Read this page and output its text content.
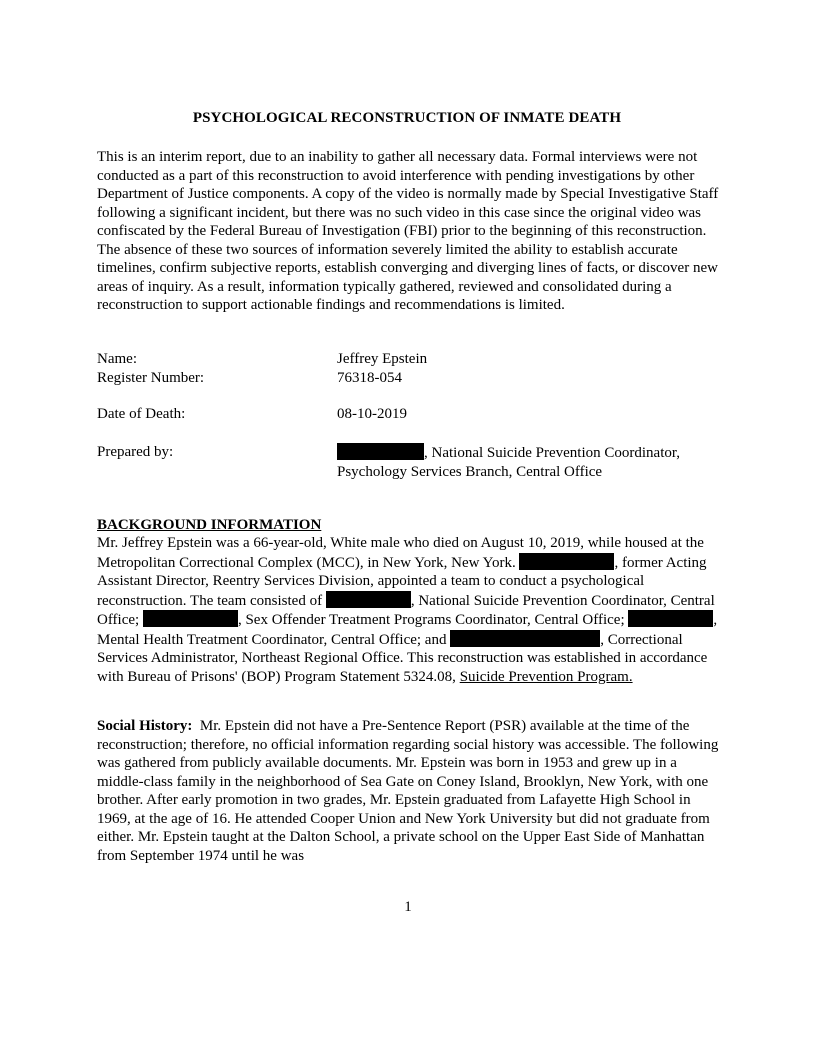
PSYCHOLOGICAL RECONSTRUCTION OF INMATE DEATH
This is an interim report, due to an inability to gather all necessary data. Formal interviews were not conducted as a part of this reconstruction to avoid interference with pending investigations by other Department of Justice components. A copy of the video is normally made by Special Investigative Staff following a significant incident, but there was no such video in this case since the original video was confiscated by the Federal Bureau of Investigation (FBI) prior to the beginning of this reconstruction. The absence of these two sources of information severely limited the ability to establish accurate timelines, confirm subjective reports, establish converging and diverging lines of facts, or discover new areas of inquiry. As a result, information typically gathered, reviewed and consolidated during a reconstruction to support actionable findings and recommendations is limited.
Name:	Jeffrey Epstein
Register Number:	76318-054
Date of Death:	08-10-2019
Prepared by:	, National Suicide Prevention Coordinator,
Psychology Services Branch, Central Office
BACKGROUND INFORMATION
Mr. Jeffrey Epstein was a 66-year-old, White male who died on August 10, 2019, while housed at the Metropolitan Correctional Complex (MCC), in New York, New York.	, former Acting Assistant Director, Reentry Services Division, appointed a team to conduct a psychological reconstruction. The team consisted of	, National Suicide Prevention Coordinator, Central Office;	, Sex Offender Treatment Programs Coordinator, Central Office;	, Mental Health Treatment Coordinator, Central Office; and	, Correctional Services Administrator, Northeast Regional Office. This reconstruction was established in accordance with Bureau of Prisons' (BOP) Program Statement 5324.08, Suicide Prevention Program.
Social History: Mr. Epstein did not have a Pre-Sentence Report (PSR) available at the time of the reconstruction; therefore, no official information regarding social history was accessible. The following was gathered from publicly available documents. Mr. Epstein was born in 1953 and grew up in a middle-class family in the neighborhood of Sea Gate on Coney Island, Brooklyn, New York, with one brother. After early promotion in two grades, Mr. Epstein graduated from Lafayette High School in 1969, at the age of 16. He attended Cooper Union and New York University but did not graduate from either. Mr. Epstein taught at the Dalton School, a private school on the Upper East Side of Manhattan from September 1974 until he was
1
